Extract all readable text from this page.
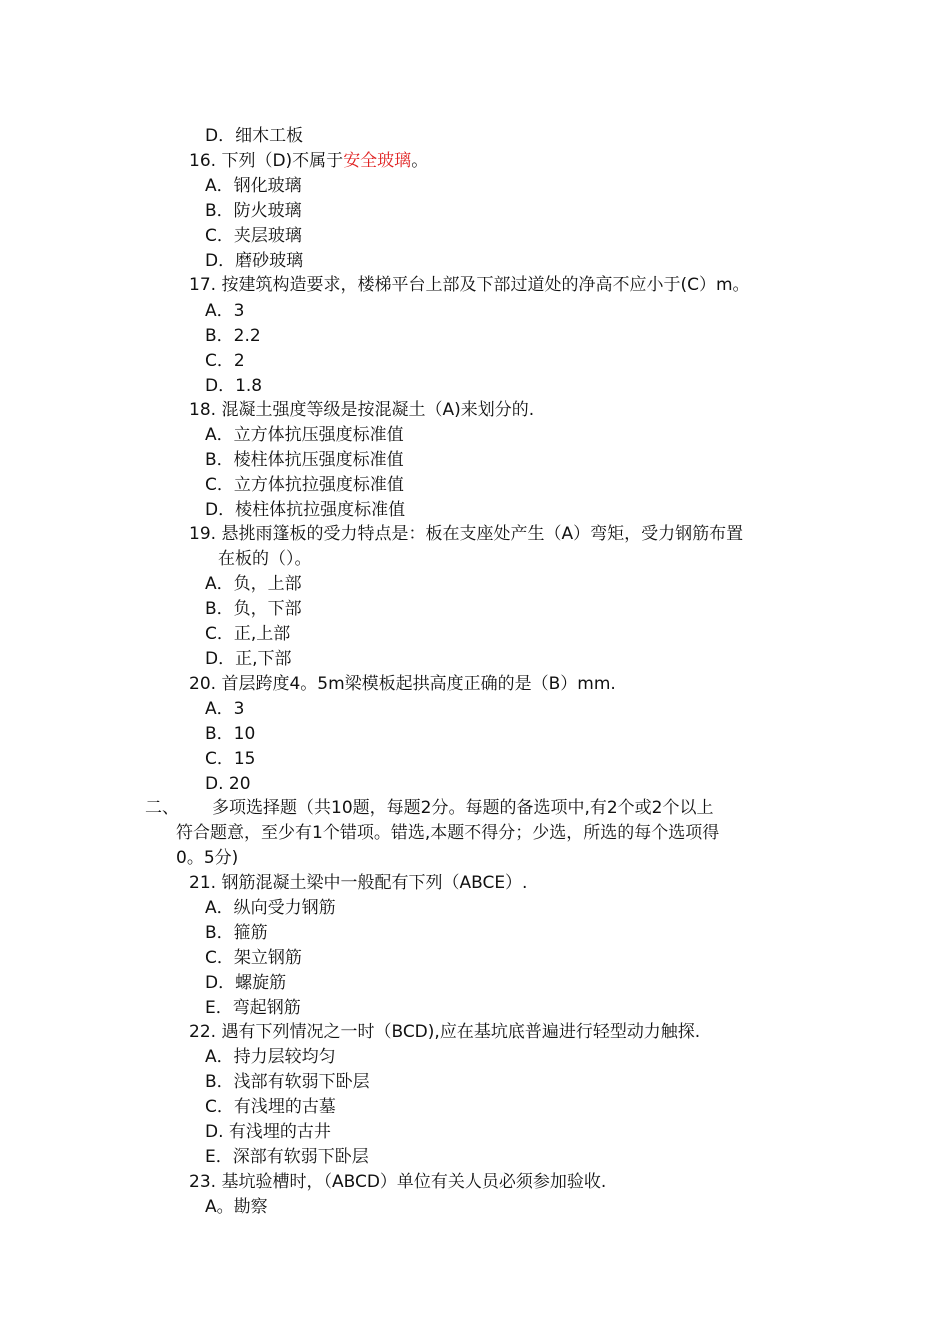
D．细木工板
16. 下列（D)不属于安全玻璃。
A．钢化玻璃
B．防火玻璃
C．夹层玻璃
D．磨砂玻璃
17. 按建筑构造要求，楼梯平台上部及下部过道处的净高不应小于(C）m。
A．3
B．2.2
C．2
D．1.8
18. 混凝土强度等级是按混凝土（A)来划分的.
A．立方体抗压强度标准值
B．棱柱体抗压强度标准值
C．立方体抗拉强度标准值
D．棱柱体抗拉强度标准值
19. 悬挑雨篷板的受力特点是：板在支座处产生（A）弯矩，受力钢筋布置
在板的（）。
A．负，上部
B．负，下部
C．正,上部
D．正,下部
20. 首层跨度4。5m梁模板起拱高度正确的是（B）mm.
A．3
B．10
C．15
D. 20
二、 多项选择题（共10题，每题2分。每题的备选项中,有2个或2个以上
符合题意，至少有1个错项。错选,本题不得分；少选，所选的每个选项得
0。5分)
21. 钢筋混凝土梁中一般配有下列（ABCE）.
A．纵向受力钢筋
B．箍筋
C．架立钢筋
D．螺旋筋
E．弯起钢筋
22. 遇有下列情况之一时（BCD),应在基坑底普遍进行轻型动力触探.
A．持力层较均匀
B．浅部有软弱下卧层
C．有浅埋的古墓
D. 有浅埋的古井
E．深部有软弱下卧层
23. 基坑验槽时，（ABCD）单位有关人员必须参加验收.
A。勘察
